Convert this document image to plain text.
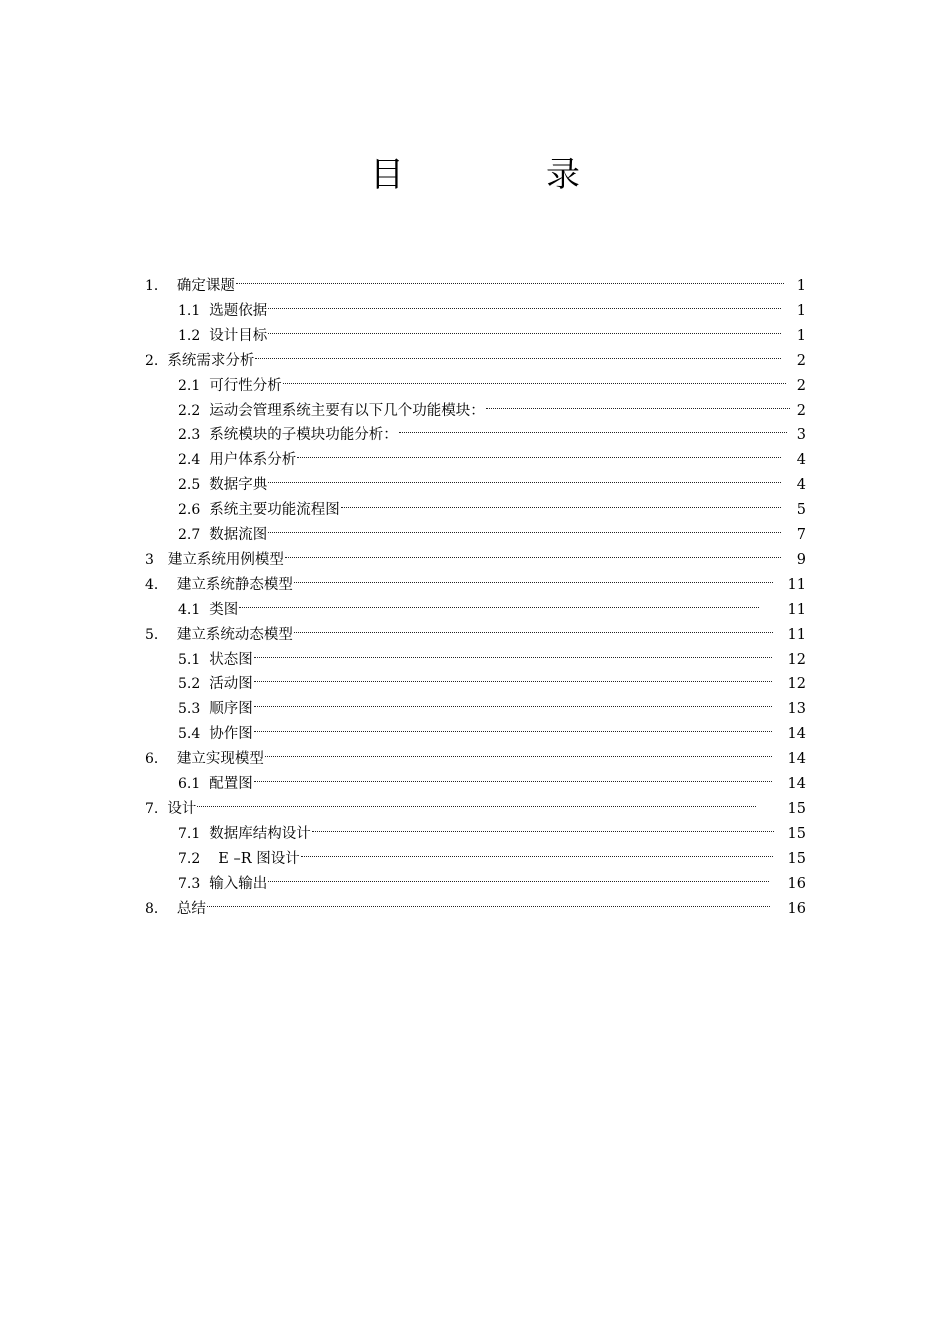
目　录
1． 确定课题	1
1.1 选题依据	1
1.2 设计目标	1
2. 系统需求分析	2
2.1 可行性分析	2
2.2 运动会管理系统主要有以下几个功能模块：	2
2.3 系统模块的子模块功能分析：	3
2.4 用户体系分析	4
2.5 数据字典	4
2.6 系统主要功能流程图	5
2.7 数据流图	7
3 建立系统用例模型	9
4． 建立系统静态模型	11
4.1 类图	11
5． 建立系统动态模型	11
5.1 状态图	12
5.2 活动图	12
5.3 顺序图	13
5.4 协作图	14
6． 建立实现模型	14
6.1 配置图	14
7. 设计	15
7.1 数据库结构设计	15
7.2 E –R 图设计	15
7.3 输入输出	16
8． 总结	16
